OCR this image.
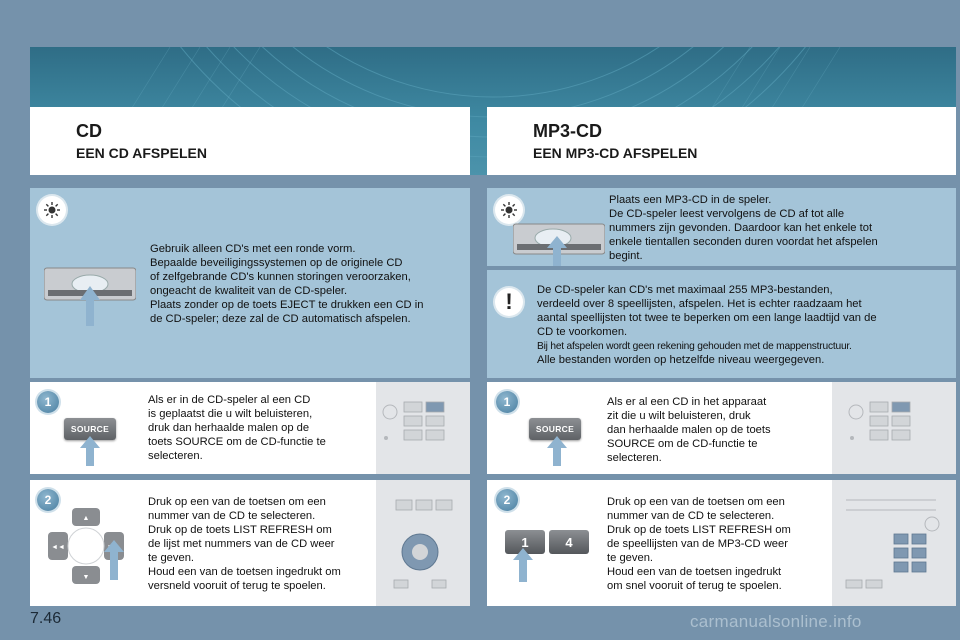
CD
EEN CD AFSPELEN
MP3-CD
EEN MP3-CD AFSPELEN
Gebruik alleen CD's met een ronde vorm.
Bepaalde beveiligingssystemen op de originele CD
of zelfgebrande CD's kunnen storingen veroorzaken,
ongeacht de kwaliteit van de CD-speler.
Plaats zonder op de toets EJECT te drukken een CD in
de CD-speler; deze zal de CD automatisch afspelen.
1
SOURCE
Als er in de CD-speler al een CD
is geplaatst die u wilt beluisteren,
druk dan herhaalde malen op de
toets SOURCE om de CD-functie te
selecteren.
2
▲
▼
◄◄
Druk op een van de toetsen om een
nummer van de CD te selecteren.
Druk op de toets LIST REFRESH om
de lijst met nummers van de CD weer
te geven.
Houd een van de toetsen ingedrukt om
versneld vooruit of terug te spoelen.
Plaats een MP3-CD in de speler.
De CD-speler leest vervolgens de CD af tot alle
nummers zijn gevonden. Daardoor kan het enkele tot
enkele tientallen seconden duren voordat het afspelen
begint.
!	De CD-speler kan CD's met maximaal 255 MP3-bestanden,
verdeeld over 8 speellijsten, afspelen. Het is echter raadzaam het
aantal speellijsten tot twee te beperken om een lange laadtijd van de
CD te voorkomen.
Bij het afspelen wordt geen rekening gehouden met de mappenstructuur.
Alle bestanden worden op hetzelfde niveau weergegeven.
1
SOURCE
Als er al een CD in het apparaat
zit die u wilt beluisteren, druk
dan herhaalde malen op de toets
SOURCE om de CD-functie te
selecteren.
2
1	4
Druk op een van de toetsen om een
nummer van de CD te selecteren.
Druk op de toets LIST REFRESH om
de speellijsten van de MP3-CD weer
te geven.
Houd een van de toetsen ingedrukt
om snel vooruit of terug te spoelen.
7.46	carmanualsonline.info
